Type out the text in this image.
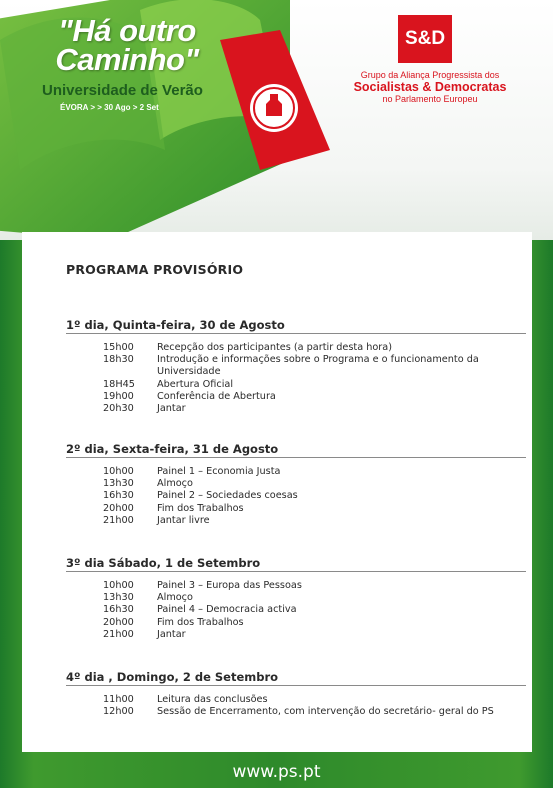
"Há outro
Caminho"
Universidade de Verão
ÉVORA > > 30 Ago > 2 Set
S&D
Grupo da Aliança Progressista dos
Socialistas & Democratas
no Parlamento Europeu
PROGRAMA PROVISÓRIO
1º dia, Quinta-feira, 30 de Agosto
15h00	Recepção dos participantes (a partir desta hora)
18h30	Introdução e informações sobre o Programa e o funcionamento da Universidade
18H45	Abertura Oficial
19h00	Conferência de Abertura
20h30	Jantar
2º dia, Sexta-feira, 31 de Agosto
10h00	Painel 1 – Economia Justa
13h30	Almoço
16h30	Painel 2 – Sociedades coesas
20h00	Fim dos Trabalhos
21h00	Jantar livre
3º dia Sábado, 1 de Setembro
10h00	Painel 3 – Europa das Pessoas
13h30	Almoço
16h30	Painel 4 – Democracia activa
20h00	Fim dos Trabalhos
21h00	Jantar
4º dia , Domingo, 2 de Setembro
11h00	Leitura das conclusões
12h00	Sessão de Encerramento, com intervenção do secretário- geral do PS
www.ps.pt
